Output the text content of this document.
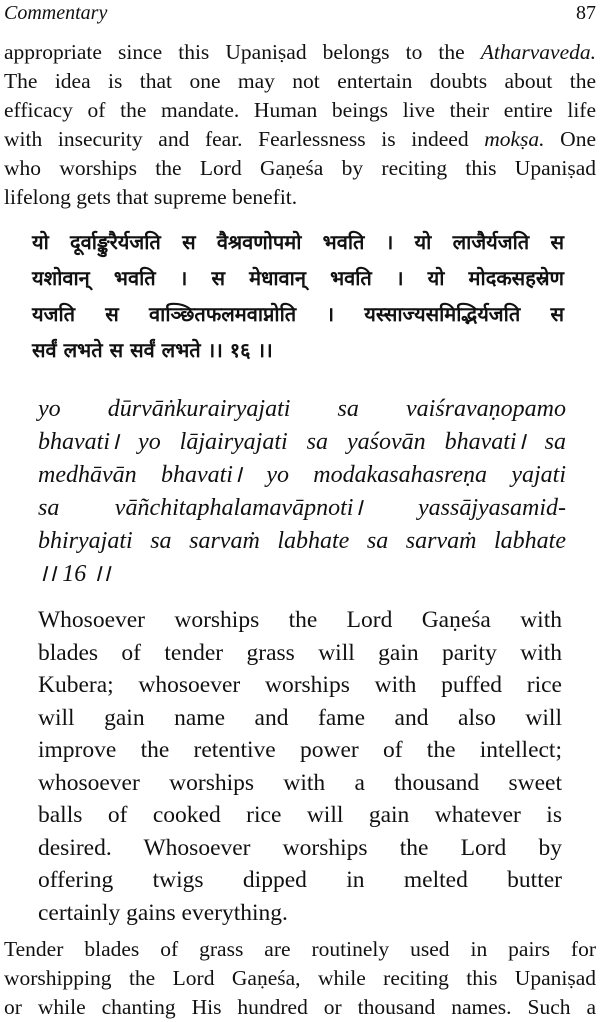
Commentary	87

appropriate since this Upaniṣad belongs to the Atharvaveda.
The idea is that one may not entertain doubts about the
efficacy of the mandate. Human beings live their entire life
with insecurity and fear. Fearlessness is indeed mokṣa. One
who worships the Lord Gaṇeśa by reciting this Upaniṣad
lifelong gets that supreme benefit.

यो दूर्वाङ्कुरैर्यजति स वैश्रवणोपमो भवति । यो लाजैर्यजति स
यशोवान् भवति । स मेधावान् भवति । यो मोदकसहस्रेण
यजति स वाञ्छितफलमवाप्नोति । यस्साज्यसमिद्भिर्यजति स
सर्वं लभते स सर्वं लभते ।। १६ ।।

yo dūrvāṅkurairyajati sa vaiśravaṇopamo
bhavati। yo lājairyajati sa yaśovān bhavati। sa
medhāvān bhavati। yo modakasahasreṇa yajati
sa vāñchitaphalamavāpnoti। yassājyasamid-
bhiryajati sa sarvaṁ labhate sa sarvaṁ labhate
।। 16 ।।

Whosoever worships the Lord Gaṇeśa with
blades of tender grass will gain parity with
Kubera; whosoever worships with puffed rice
will gain name and fame and also will
improve the retentive power of the intellect;
whosoever worships with a thousand sweet
balls of cooked rice will gain whatever is
desired. Whosoever worships the Lord by
offering twigs dipped in melted butter
certainly gains everything.

Tender blades of grass are routinely used in pairs for
worshipping the Lord Gaṇeśa, while reciting this Upaniṣad
or while chanting His hundred or thousand names. Such a
